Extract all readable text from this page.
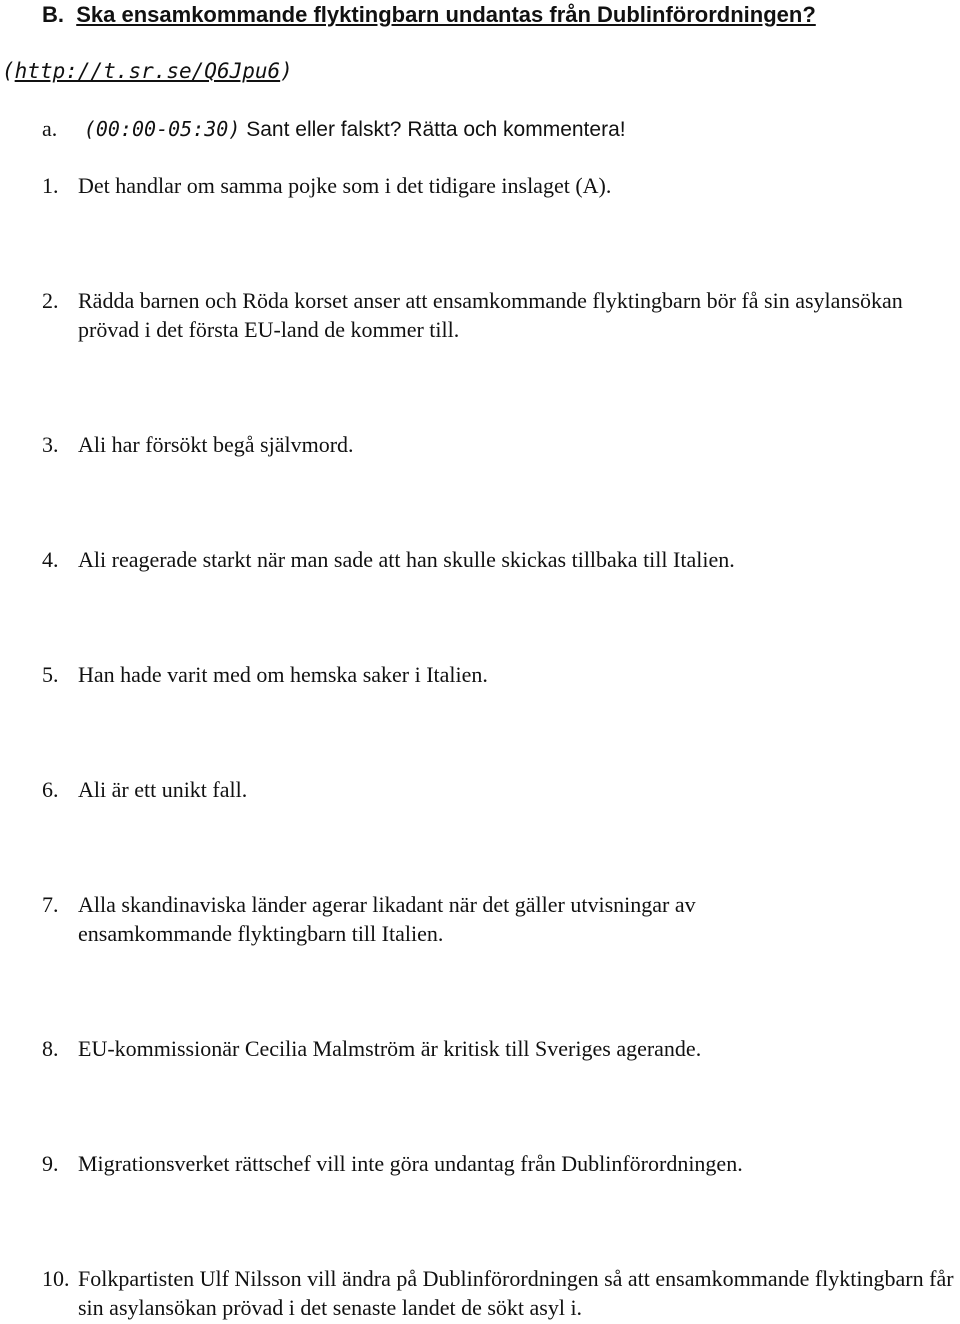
B. Ska ensamkommande flyktingbarn undantas från Dublinförordningen?

(http://t.sr.se/Q6Jpu6)

a. (00:00-05:30) Sant eller falskt? Rätta och kommentera!

1. Det handlar om samma pojke som i det tidigare inslaget (A).
2. Rädda barnen och Röda korset anser att ensamkommande flyktingbarn bör få sin asylansökan prövad i det första EU-land de kommer till.
3. Ali har försökt begå självmord.
4. Ali reagerade starkt när man sade att han skulle skickas tillbaka till Italien.
5. Han hade varit med om hemska saker i Italien.
6. Ali är ett unikt fall.
7. Alla skandinaviska länder agerar likadant när det gäller utvisningar av ensamkommande flyktingbarn till Italien.
8. EU-kommissionär Cecilia Malmström är kritisk till Sveriges agerande.
9. Migrationsverket rättschef vill inte göra undantag från Dublinförordningen.
10. Folkpartisten Ulf Nilsson vill ändra på Dublinförordningen så att ensamkommande flyktingbarn får sin asylansökan prövad i det senaste landet de sökt asyl i.
